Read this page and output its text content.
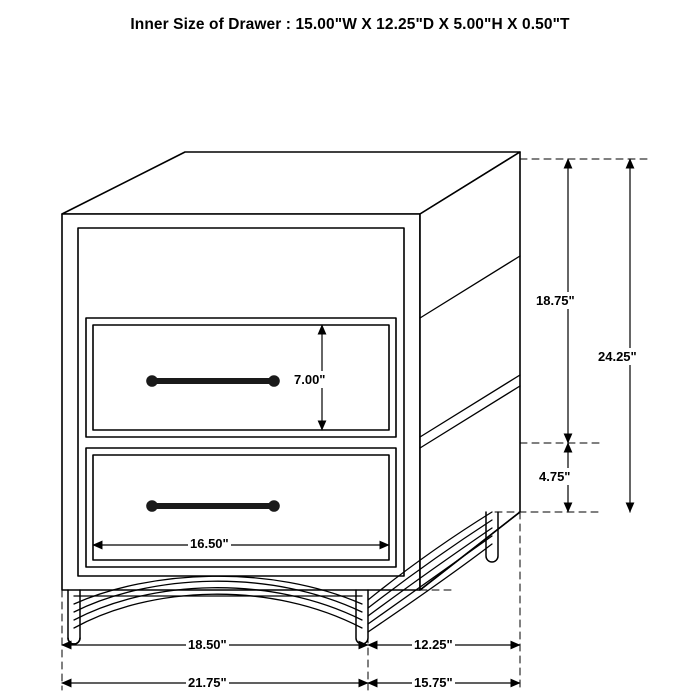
Inner Size of Drawer : 15.00"W X 12.25"D X 5.00"H X 0.50"T
18.75"
24.25"
4.75"
7.00"
16.50"
18.50"	12.25"
21.75"	15.75"
